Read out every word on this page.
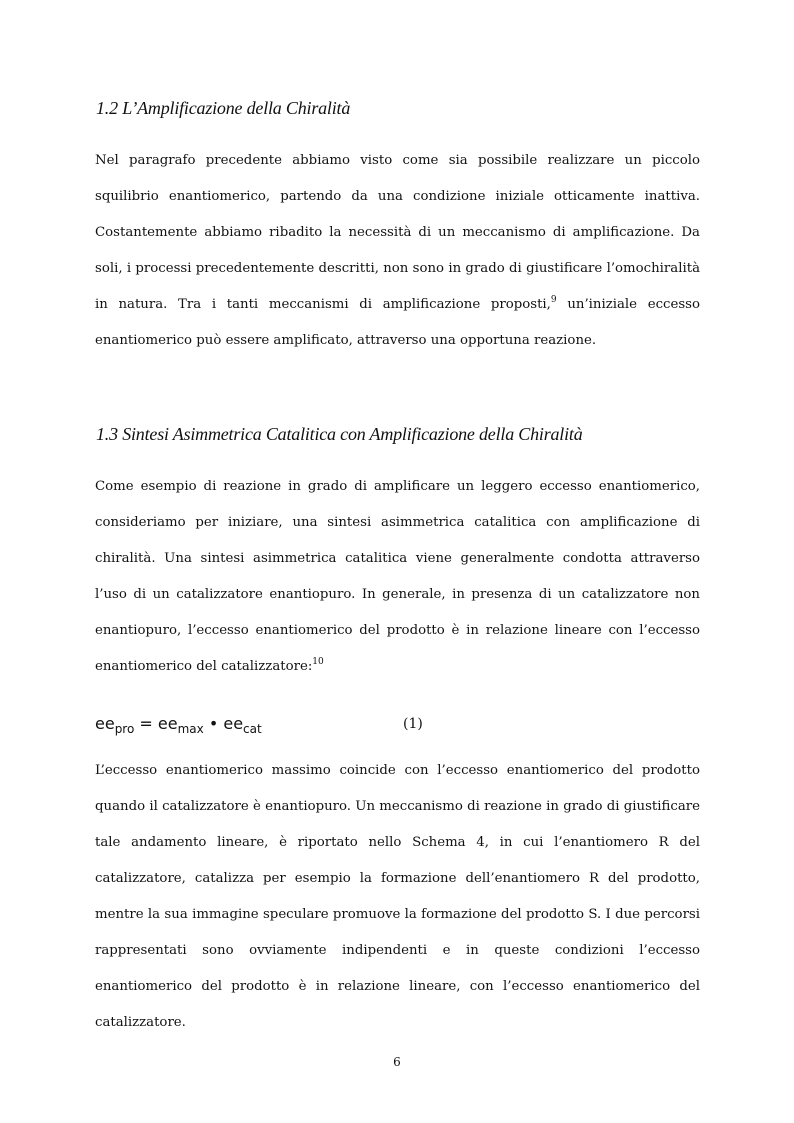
1.2 L’Amplificazione della Chiralità

Nel paragrafo precedente abbiamo visto come sia possibile realizzare un piccolo squilibrio enantiomerico, partendo da una condizione iniziale otticamente inattiva. Costantemente abbiamo ribadito la necessità di un meccanismo di amplificazione. Da soli, i processi precedentemente descritti, non sono in grado di giustificare l’omochiralità in natura. Tra i tanti meccanismi di amplificazione proposti,$^9$ un’iniziale eccesso enantiomerico può essere amplificato, attraverso una opportuna reazione.

1.3 Sintesi Asimmetrica Catalitica con Amplificazione della Chiralità

Come esempio di reazione in grado di amplificare un leggero eccesso enantiomerico, consideriamo per iniziare, una sintesi asimmetrica catalitica con amplificazione di chiralità. Una sintesi asimmetrica catalitica viene generalmente condotta attraverso l’uso di un catalizzatore enantiopuro. In generale, in presenza di un catalizzatore non enantiopuro, l’eccesso enantiomerico del prodotto è in relazione lineare con l’eccesso enantiomerico del catalizzatore:$^{10}$

$ee_{pro} = ee_{max}$ • $ee_{cat}$	(1)

L’eccesso enantiomerico massimo coincide con l’eccesso enantiomerico del prodotto quando il catalizzatore è enantiopuro. Un meccanismo di reazione in grado di giustificare tale andamento lineare, è riportato nello Schema 4, in cui l’enantiomero R del catalizzatore, catalizza per esempio la formazione dell’enantiomero R del prodotto, mentre la sua immagine speculare promuove la formazione del prodotto S. I due percorsi rappresentati sono ovviamente indipendenti e in queste condizioni l’eccesso enantiomerico del prodotto è in relazione lineare, con l’eccesso enantiomerico del catalizzatore.

6
